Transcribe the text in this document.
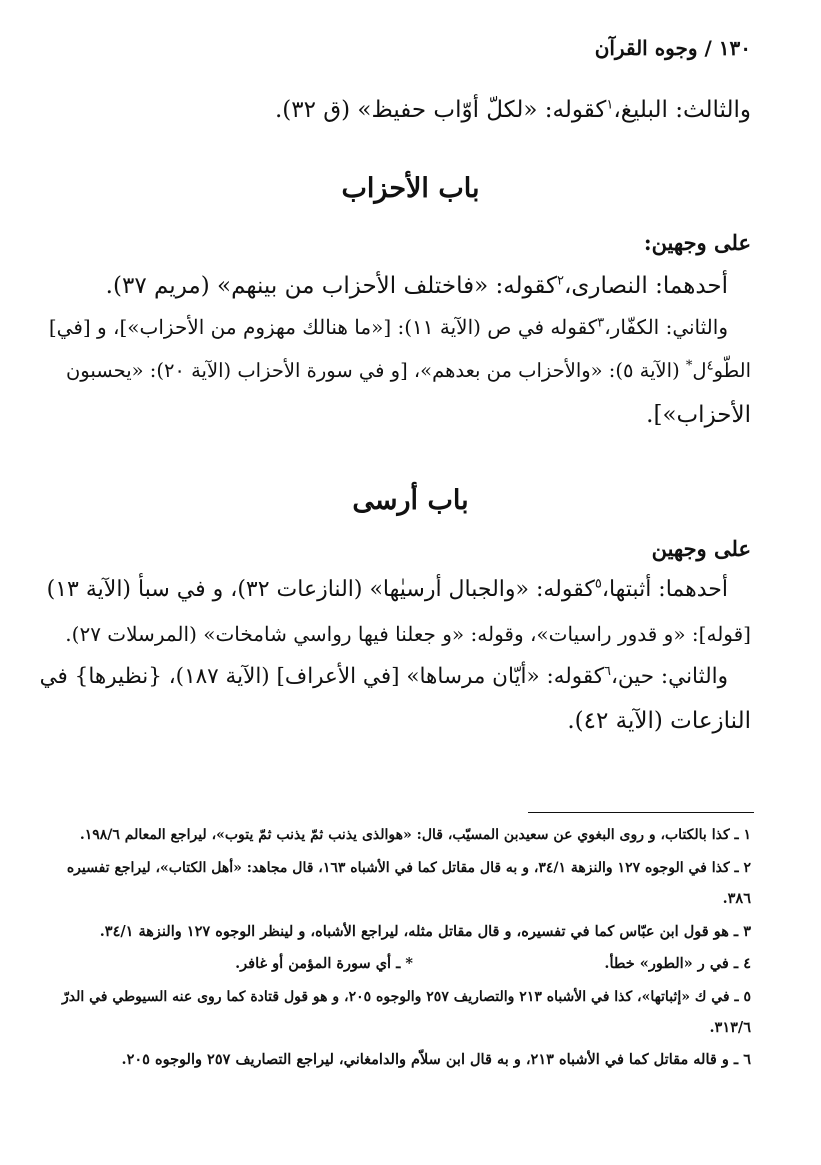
١٣٠ / وجوه القرآن
والثالث: البليغ،$^١$كقوله: «لكلّ أوّاب حفيظ» (ق ٣٢).
باب الأحزاب
على وجهين:
أحدهما: النصارى،$^٢$كقوله: «فاختلف الأحزاب من بينهم» (مريم ٣٧).
والثاني: الكفّار،$^٣$كقوله في ص (الآية ١١): [«ما هنالك مهزوم من الأحزاب»]، و [في]
الطّو$^٤$ل* (الآية ٥): «والأحزاب من بعدهم»، [و في سورة الأحزاب (الآية ٢٠): «يحسبون
الأحزاب»].
باب أرسى
على وجهين
أحدهما: أثبتها،$^٥$كقوله: «والجبال أرسيٰها» (النازعات ٣٢)، و في سبأ (الآية ١٣)
[قوله]: «و قدور راسيات»، وقوله: «و جعلنا فيها رواسي شامخات» (المرسلات ٢٧).
والثاني: حين،$^٦$كقوله: «أيّان مرساها» [في الأعراف] (الآية ١٨٧)، {نظيرها} في
النازعات (الآية ٤٢).
١ ـ كذا بالكتاب، و روى البغوي عن سعيدبن المسيّب، قال: «هوالذى يذنب ثمّ يذنب ثمّ يتوب»، ليراجع المعالم ١٩٨/٦.
٢ ـ كذا في الوجوه ١٢٧ والنزهة ٣٤/١، و به قال مقاتل كما في الأشباه ١٦٣، قال مجاهد: «أهل الكتاب»، ليراجع تفسيره
٣٨٦.
٣ ـ هو قول ابن عبّاس كما في تفسيره، و قال مقاتل مثله، ليراجع الأشباه، و لينظر الوجوه ١٢٧ والنزهة ٣٤/١.
٤ ـ في ر «الطور» خطأ.
* ـ أي سورة المؤمن أو غافر.
٥ ـ في ك «إثباتها»، كذا في الأشباه ٢١٣ والتصاريف ٢٥٧ والوجوه ٢٠٥، و هو قول قتادة كما روى عنه السيوطي في الدرّ
٣١٣/٦.
٦ ـ و قاله مقاتل كما في الأشباه ٢١٣، و به قال ابن سلاّم والدامغاني، ليراجع التصاريف ٢٥٧ والوجوه ٢٠٥.
